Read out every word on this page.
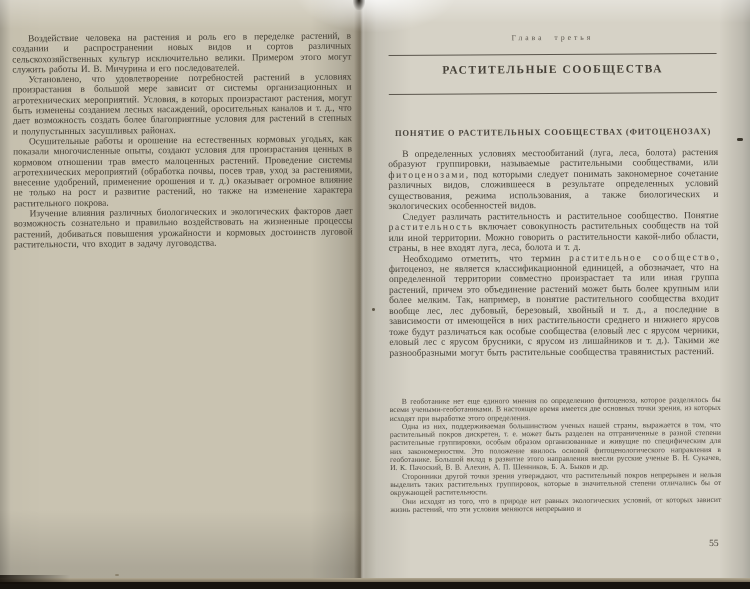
Воздействие человека на растения и роль его в переделке растений, в создании и распространении новых видов и сортов различных сельскохозяйственных культур исключительно велики. Примером этого могут служить работы И. В. Мичурина и его последователей.

Установлено, что удовлетворение потребностей растений в условиях произрастания в большой мере зависит от системы организационных и агротехнических мероприятий. Условия, в которых произрастают растения, могут быть изменены созданием лесных насаждений, оросительных каналов и т. д., что дает возможность создать более благоприятные условия для растений в степных и полупустынных засушливых районах.

Осушительные работы и орошение на естественных кормовых угодьях, как показали многочисленные опыты, создают условия для произрастания ценных в кормовом отношении трав вместо малоценных растений. Проведение системы агротехнических мероприятий (обработка почвы, посев трав, уход за растениями, внесение удобрений, применение орошения и т. д.) оказывает огромное влияние не только на рост и развитие растений, но также на изменение характера растительного покрова.

Изучение влияния различных биологических и экологических факторов дает возможность сознательно и правильно воздействовать на жизненные процессы растений, добиваться повышения урожайности и кормовых достоинств луговой растительности, что входит в задачу луговодства.

Глава третья
РАСТИТЕЛЬНЫЕ СООБЩЕСТВА
ПОНЯТИЕ О РАСТИТЕЛЬНЫХ СООБЩЕСТВАХ (ФИТОЦЕНОЗАХ)

В определенных условиях местообитаний (луга, леса, болота) растения образуют группировки, называемые растительными сообществами, или фитоценозами, под которыми следует понимать закономерное сочетание различных видов, сложившееся в результате определенных условий существования, режима использования, а также биологических и экологических особенностей видов.

Следует различать растительность и растительное сообщество. Понятие растительность включает совокупность растительных сообществ на той или иной территории. Можно говорить о растительности какой-либо области, страны, в нее входят луга, леса, болота и т. д.

Необходимо отметить, что термин растительное сообщество, фитоценоз, не является классификационной единицей, а обозначает, что на определенной территории совместно произрастает та или иная группа растений, причем это объединение растений может быть более крупным или более мелким. Так, например, в понятие растительного сообщества входит вообще лес, лес дубовый, березовый, хвойный и т. д., а последние в зависимости от имеющейся в них растительности среднего и нижнего ярусов тоже будут различаться как особые сообщества (еловый лес с ярусом черники, еловый лес с ярусом брусники, с ярусом из лишайников и т. д.). Такими же разнообразными могут быть растительные сообщества травянистых растений.

В геоботанике нет еще единого мнения по определению фитоценоза, которое разделялось бы всеми учеными-геоботаниками. В настоящее время имеется две основных точки зрения, из которых исходят при выработке этого определения.

Одна из них, поддерживаемая большинством ученых нашей страны, выражается в том, что растительный покров дискретен, т. е. может быть разделен на отграниченные в разной степени растительные группировки, особым образом организованные и живущие по специфическим для них закономерностям. Это положение явилось основой фитоценологического направления в геоботанике. Большой вклад в развитие этого направления внесли русские ученые В. Н. Сукачев, И. К. Пачоский, В. В. Алехин, А. П. Шенников, Б. А. Быков и др.

Сторонники другой точки зрения утверждают, что растительный покров непрерывен и нельзя выделить таких растительных группировок, которые в значительной степени отличались бы от окружающей растительности.

Они исходят из того, что в природе нет равных экологических условий, от которых зависит жизнь растений, что эти условия меняются непрерывно и

55
